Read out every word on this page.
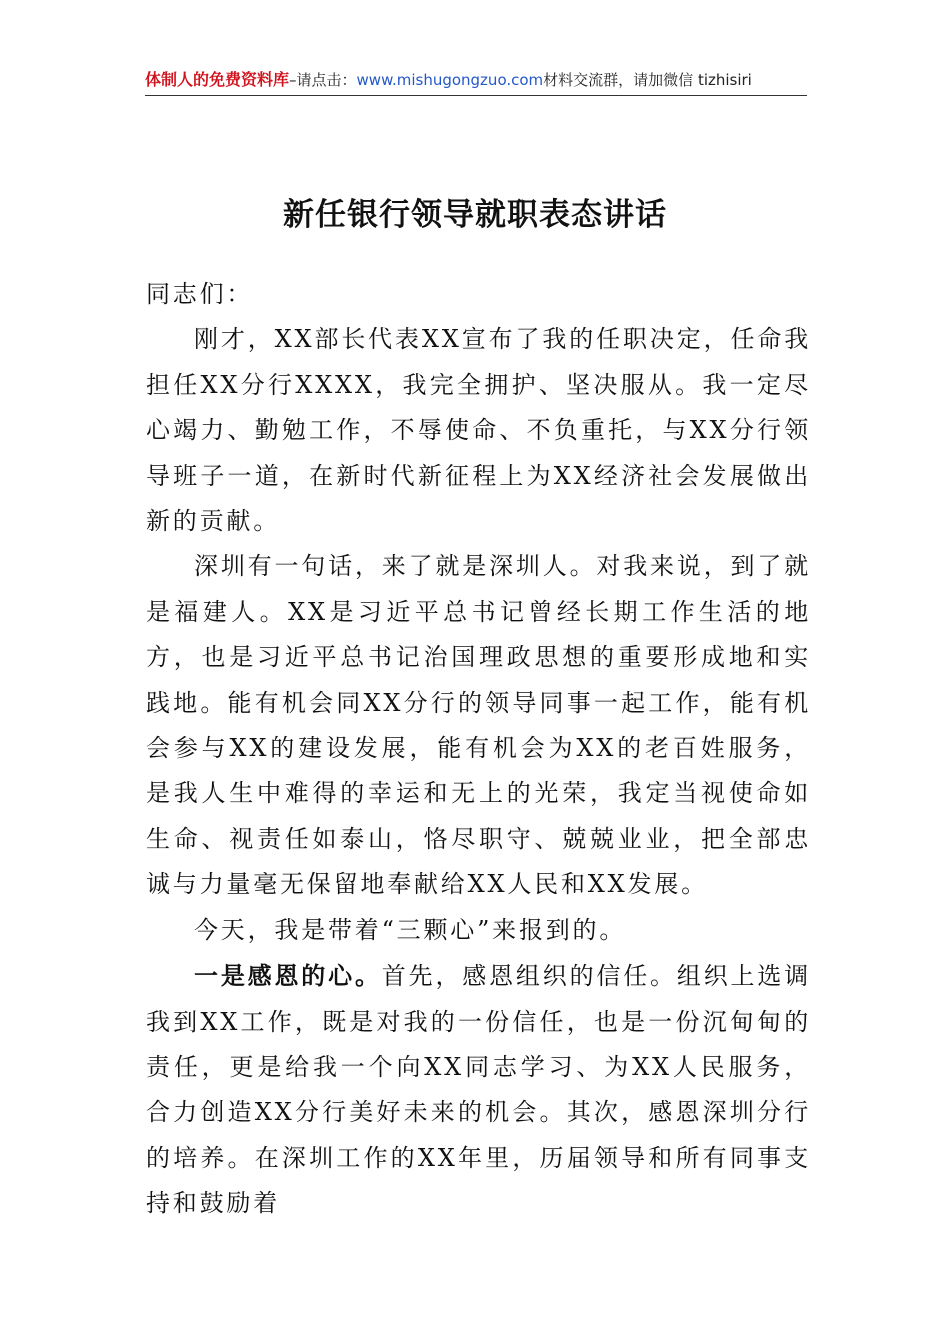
体制人的免费资料库–请点击：www.mishugongzuo.com材料交流群，请加微信 tizhisiri
新任银行领导就职表态讲话

同志们：

刚才，XX部长代表XX宣布了我的任职决定，任命我担任XX分行XXXX，我完全拥护、坚决服从。我一定尽心竭力、勤勉工作，不辱使命、不负重托，与XX分行领导班子一道，在新时代新征程上为XX经济社会发展做出新的贡献。

深圳有一句话，来了就是深圳人。对我来说，到了就是福建人。XX是习近平总书记曾经长期工作生活的地方，也是习近平总书记治国理政思想的重要形成地和实践地。能有机会同XX分行的领导同事一起工作，能有机会参与XX的建设发展，能有机会为XX的老百姓服务，是我人生中难得的幸运和无上的光荣，我定当视使命如生命、视责任如泰山，恪尽职守、兢兢业业，把全部忠诚与力量毫无保留地奉献给XX人民和XX发展。

今天，我是带着“三颗心”来报到的。

一是感恩的心。首先，感恩组织的信任。组织上选调我到XX工作，既是对我的一份信任，也是一份沉甸甸的责任，更是给我一个向XX同志学习、为XX人民服务，合力创造XX分行美好未来的机会。其次，感恩深圳分行的培养。在深圳工作的XX年里，历届领导和所有同事支持和鼓励着
